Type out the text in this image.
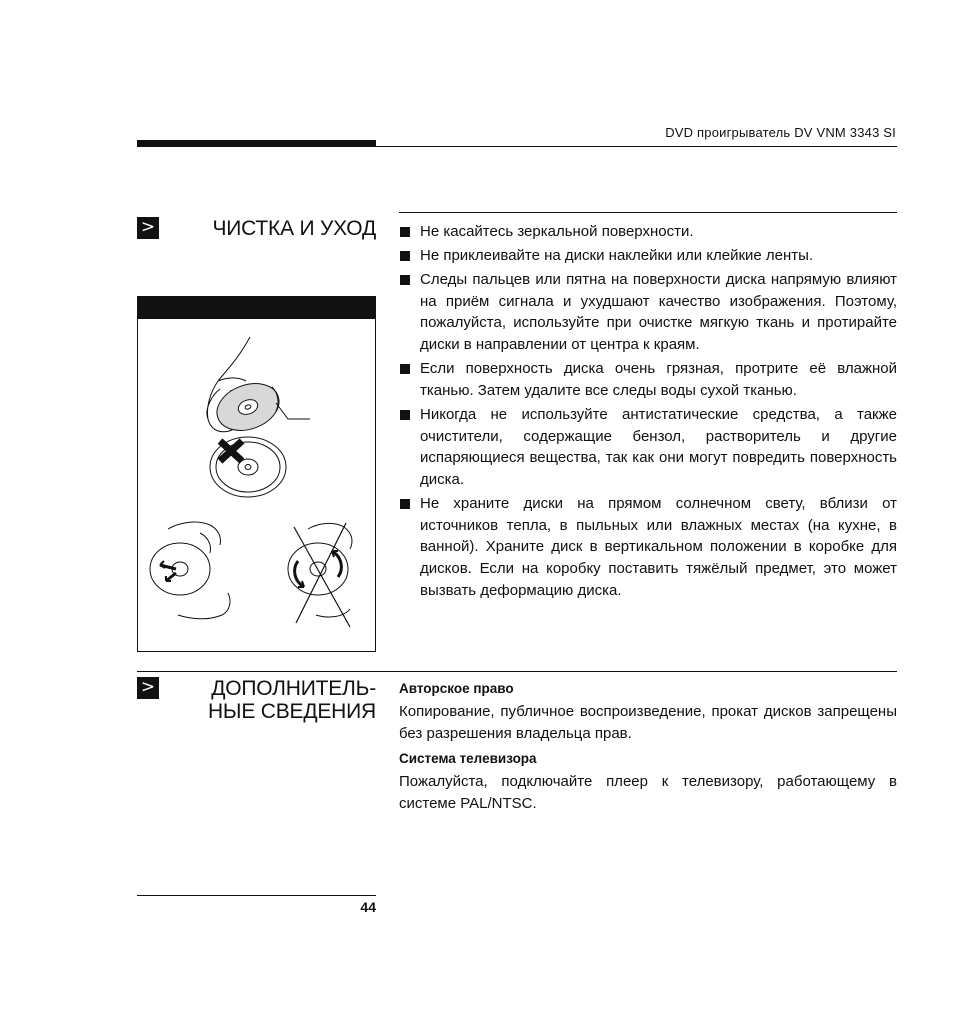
DVD проигрыватель DV VNM 3343 SI
>	ЧИСТКА И УХОД	Не касайтесь зеркальной поверхности.
Не приклеивайте на диски наклейки или клейкие ленты.
Следы пальцев или пятна на поверхности диска напрямую влияют на приём сигнала и ухудшают качество изображения. Поэтому, пожалуйста, используйте при очистке мягкую ткань и протирайте диски в направлении от центра к краям.
Если поверхность диска очень грязная, протрите её влажной тканью. Затем удалите все следы воды сухой тканью.
Никогда не используйте антистатические средства, а также очистители, содержащие бензол, растворитель и другие испаряющиеся вещества, так как они могут повредить поверхность диска.
Не храните диски на прямом солнечном свету, вблизи от источников тепла, в пыльных или влажных местах (на кухне, в ванной). Храните диск в вертикальном положении в коробке для дисков. Если на коробку поставить тяжёлый предмет, это может вызвать деформацию диска.
>	ДОПОЛНИТЕЛЬ-
НЫЕ СВЕДЕНИЯ
Авторское право
Копирование, публичное воспроизведение, прокат дисков запрещены без разрешения владельца прав.
Система телевизора
Пожалуйста, подключайте плеер к телевизору, работающему в системе PAL/NTSC.
44
